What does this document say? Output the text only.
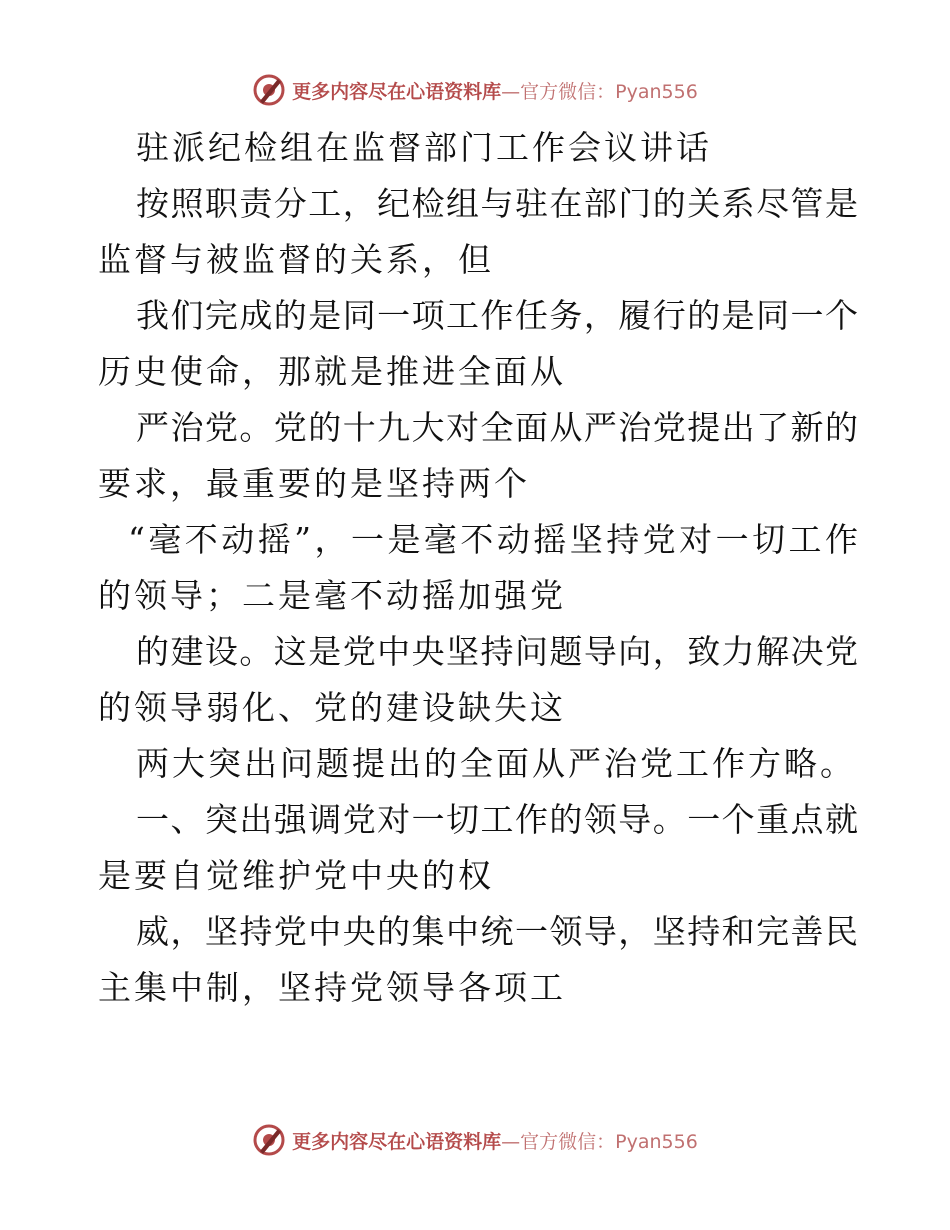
更多内容尽在心语资料库—官方微信：Pyan556
驻派纪检组在监督部门工作会议讲话
按照职责分工，纪检组与驻在部门的关系尽管是
监督与被监督的关系，但
我们完成的是同一项工作任务，履行的是同一个
历史使命，那就是推进全面从
严治党。党的十九大对全面从严治党提出了新的
要求，最重要的是坚持两个
“毫不动摇”，一是毫不动摇坚持党对一切工作
的领导；二是毫不动摇加强党
的建设。这是党中央坚持问题导向，致力解决党
的领导弱化、党的建设缺失这
两大突出问题提出的全面从严治党工作方略。
一、突出强调党对一切工作的领导。一个重点就
是要自觉维护党中央的权
威，坚持党中央的集中统一领导，坚持和完善民
主集中制，坚持党领导各项工
更多内容尽在心语资料库—官方微信：Pyan556
